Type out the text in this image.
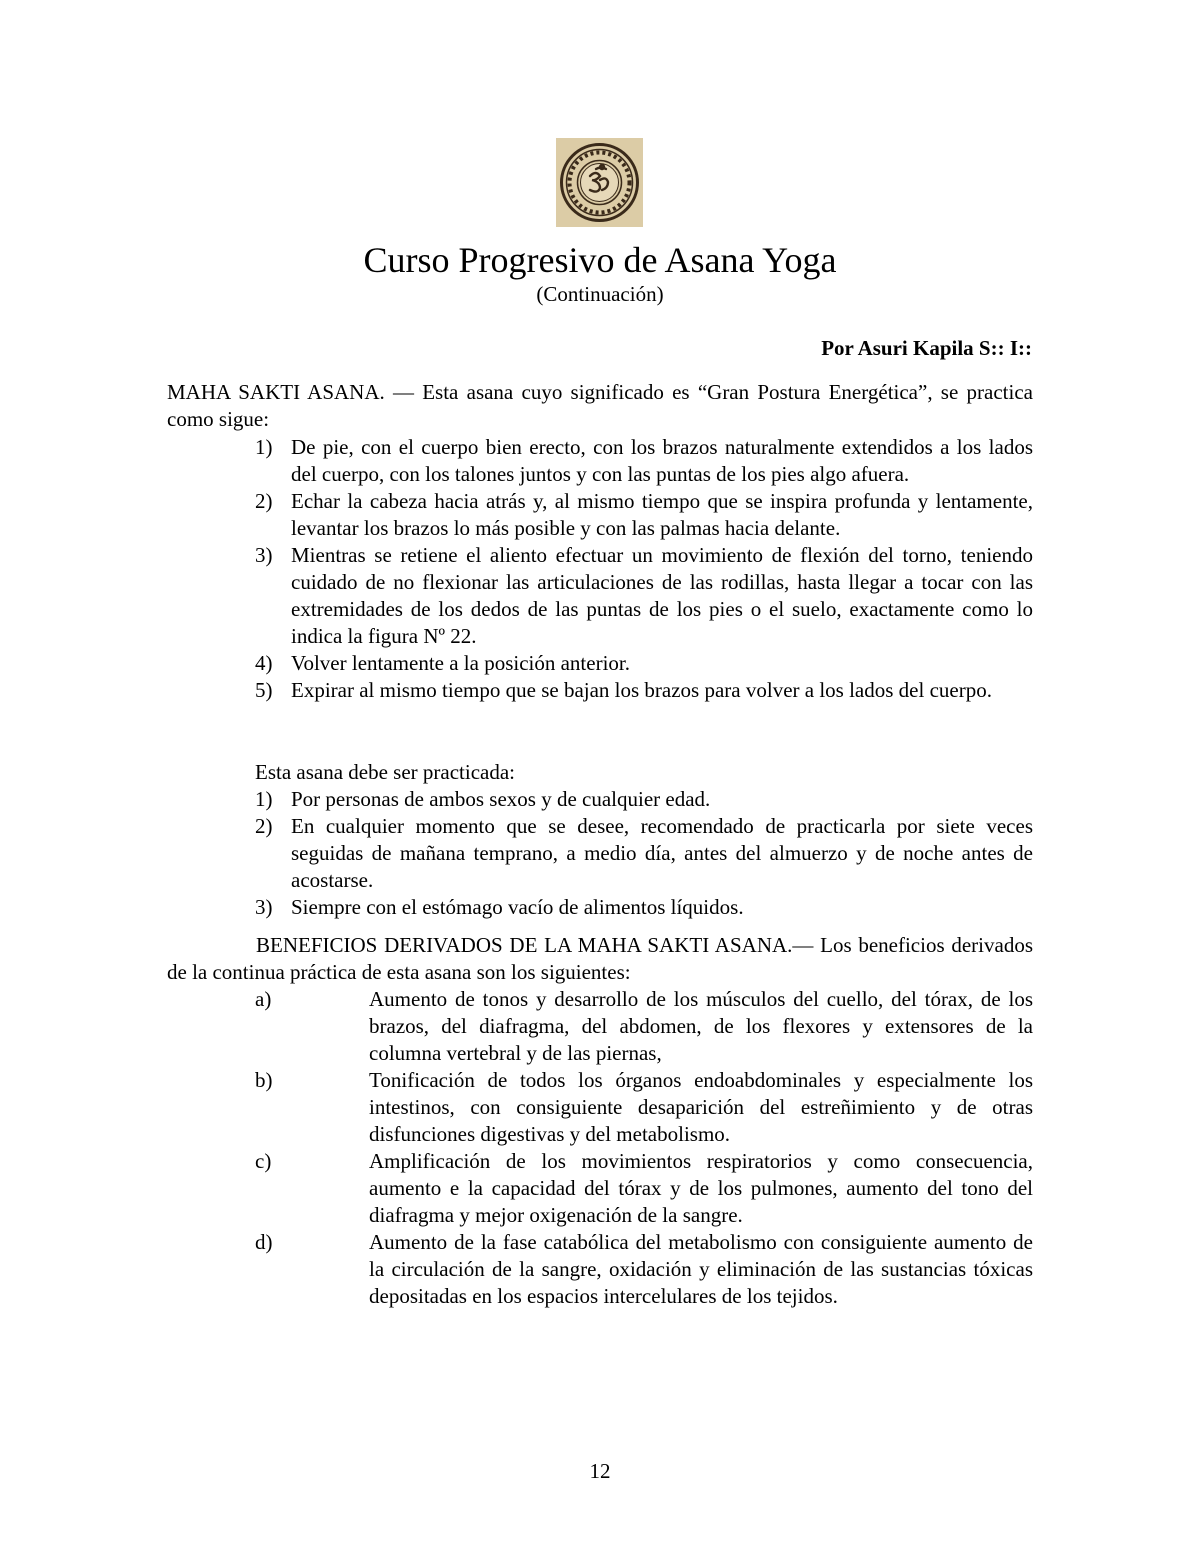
Curso Progresivo de Asana Yoga
(Continuación)
Por Asuri Kapila S:: I::
MAHA SAKTI ASANA. — Esta asana cuyo significado es “Gran Postura Energética”, se practica como sigue:
1) De pie, con el cuerpo bien erecto, con los brazos naturalmente extendidos a los lados del cuerpo, con los talones juntos y con las puntas de los pies algo afuera.
2) Echar la cabeza hacia atrás y, al mismo tiempo que se inspira profunda y lentamente, levantar los brazos lo más posible y con las palmas hacia delante.
3) Mientras se retiene el aliento efectuar un movimiento de flexión del torno, teniendo cuidado de no flexionar las articulaciones de las rodillas, hasta llegar a tocar con las extremidades de los dedos de las puntas de los pies o el suelo, exactamente como lo indica la figura Nº 22.
4) Volver lentamente a la posición anterior.
5) Expirar al mismo tiempo que se bajan los brazos para volver a los lados del cuerpo.
Esta asana debe ser practicada:
1) Por personas de ambos sexos y de cualquier edad.
2) En cualquier momento que se desee, recomendado de practicarla por siete veces seguidas de mañana temprano, a medio día, antes del almuerzo y de noche antes de acostarse.
3) Siempre con el estómago vacío de alimentos líquidos.
BENEFICIOS DERIVADOS DE LA MAHA SAKTI ASANA.— Los beneficios derivados de la continua práctica de esta asana son los siguientes:
a)	Aumento de tonos y desarrollo de los músculos del cuello, del tórax, de los brazos, del diafragma, del abdomen, de los flexores y extensores de la columna vertebral y de las piernas,
b)	Tonificación de todos los órganos endoabdominales y especialmente los intestinos, con consiguiente desaparición del estreñimiento y de otras disfunciones digestivas y del metabolismo.
c)	Amplificación de los movimientos respiratorios y como consecuencia, aumento e la capacidad del tórax y de los pulmones, aumento del tono del diafragma y mejor oxigenación de la sangre.
d)	Aumento de la fase catabólica del metabolismo con consiguiente aumento de la circulación de la sangre, oxidación y eliminación de las sustancias tóxicas depositadas en los espacios intercelulares de los tejidos.
12
